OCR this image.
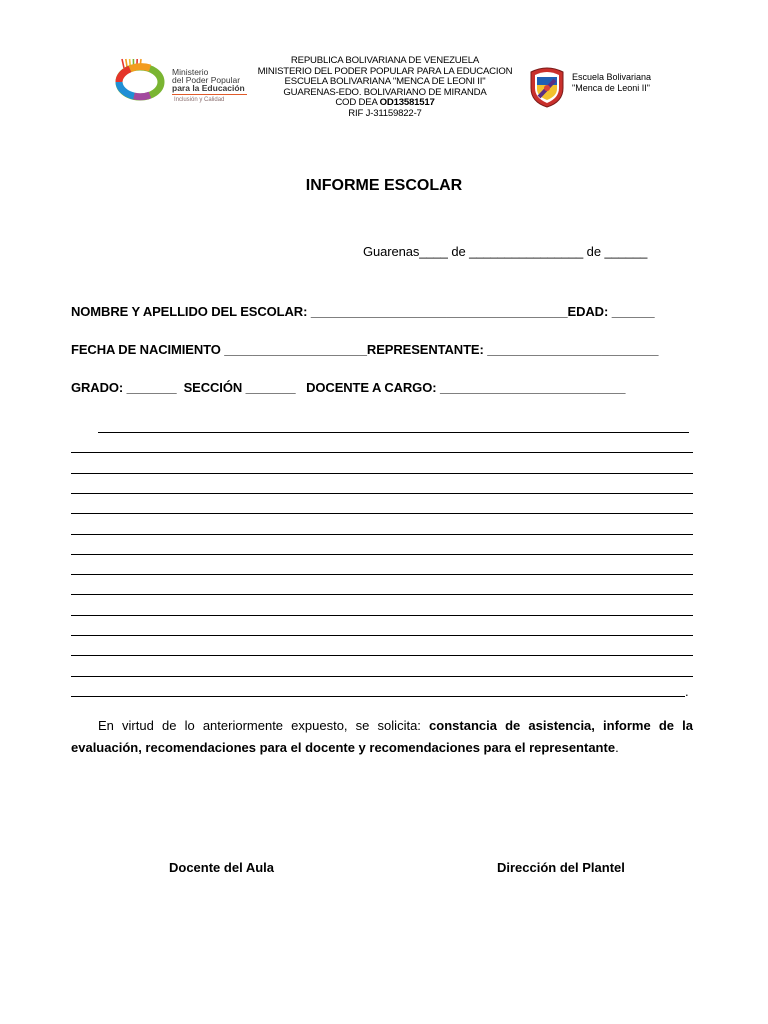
Ministerio
del Poder Popular
para la Educación
Inclusión y Calidad
REPUBLICA BOLIVARIANA DE VENEZUELA
MINISTERIO DEL PODER POPULAR PARA LA EDUCACION
ESCUELA BOLIVARIANA "MENCA DE LEONI II"
GUARENAS-EDO. BOLIVARIANO DE MIRANDA
COD DEA OD13581517
RIF J-31159822-7
Escuela Bolivariana
"Menca de Leoni II"
INFORME ESCOLAR
Guarenas____ de ________________ de ______
NOMBRE Y APELLIDO DEL ESCOLAR: ____________________________________EDAD: ______
FECHA DE NACIMIENTO ____________________REPRESENTANTE: ________________________
GRADO: _______ SECCIÓN _______ DOCENTE A CARGO: __________________________
.
En virtud de lo anteriormente expuesto, se solicita: constancia de asistencia, informe de la evaluación, recomendaciones para el docente y recomendaciones para el representante.
Docente del Aula	Dirección del Plantel
